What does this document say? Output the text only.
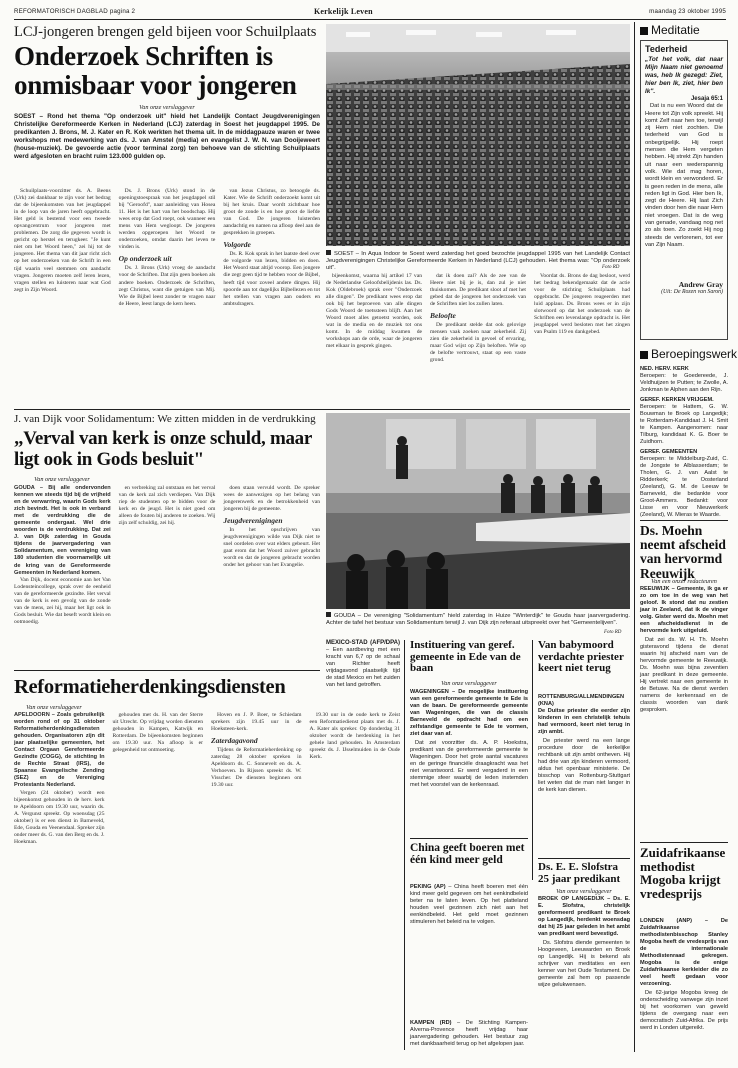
REFORMATORISCH DAGBLAD pagina 2	Kerkelijk Leven	maandag 23 oktober 1995
LCJ-jongeren brengen geld bijeen voor Schuilplaats
Onderzoek Schriften is onmisbaar voor jongeren
Van onze verslaggever
SOEST – Rond het thema "Op onderzoek uit" hield het Landelijk Contact Jeugdverenigingen Christelijke Gereformeerde Kerken in Nederland (LCJ) zaterdag in Soest het jeugdappel 1995. De predikanten J. Brons, M. J. Kater en R. Kok werkten het thema uit. In de middagpauze waren er twee workshops met medewerking van ds. J. van Amstel (media) en evangelist J. W. N. van Dooijeweert (house-muziek). De gevoerde actie (voor terminal zorg) ten behoeve van de stichting Schuilplaats werd afgesloten en bracht ruim 123.000 gulden op.

Schuilplaats-voorzitter ds. A. Beens (Urk) zei dankbaar te zijn voor het bedrag dat de bijeenkomsten van het jeugdappel in de loop van de jaren heeft opgebracht. Het geld is bestemd voor een tweede opvangcentrum voor jongeren met problemen. De zorg die gegeven wordt is gericht op herstel en terugkeer. "Je kunt niet om het Woord heen," zei hij tot de jongeren. Het thema van dit jaar richt zich op het onderzoeken van de Schrift in een tijd waarin veel stemmen om aandacht vragen. Jongeren moeten zelf leren lezen, vragen stellen en luisteren naar wat God zegt in Zijn Woord.

Ds. J. Brons (Urk) stond in de openingstoespraak van het jeugdappel stil bij "Geroofd", naar aanleiding van Hosea 11. Het is het hart van het boodschap. Hij wees erop dat God roept, ook wanneer een mens van Hem wegloopt. De jongeren werden opgeroepen het Woord te onderzoeken, omdat daarin het leven te vinden is.

Op onderzoek uit

Ds. J. Brons (Urk) vroeg de aandacht voor de Schriften. Dat zijn geen boeken als andere boeken. Onderzoek de Schriften, zegt Christus, want die getuigen van Mij. Wie de Bijbel leest zonder te vragen naar de Heere, leest langs de kern heen.

van Jezus Christus, zo betoogde ds. Kater. Wie de Schrift onderzoekt komt uit bij het kruis. Daar wordt zichtbaar hoe groot de zonde is en hoe groot de liefde van God. De jongeren luisterden aandachtig en namen na afloop deel aan de gesprekken in groepen.

Volgorde

Ds. R. Kok sprak in het laatste deel over de volgorde van lezen, bidden en doen. Het Woord staat altijd voorop. Een jongere die zegt geen tijd te hebben voor de Bijbel, heeft tijd voor zoveel andere dingen. Hij spoorde aan tot dagelijks Bijbellezen en tot het stellen van vragen aan ouders en ambtsdragers.

SOEST – In Aqua Indoor te Soest werd zaterdag het goed bezochte jeugdappel 1995 van het Landelijk Contact Jeugdverenigingen Christelijke Gereformeerde Kerken in Nederland (LCJ) gehouden. Het thema was: "Op onderzoek uit".	Foto RD

bijeenkomst, waarna hij artikel 17 van de Nederlandse Geloofsbelijdenis las. Ds. Kok (Oldebroek) sprak over "Onderzoek alle dingen". De predikant wees erop dat ook bij het beproeven van alle dingen Gods Woord de toetssteen blijft. Aan het Woord moet alles getoetst worden, ook wat in de media en de muziek tot ons komt. In de middag kwamen de workshops aan de orde, waar de jongeren met elkaar in gesprek gingen.

dat ik doen zal? Als de zee van de Heere niet bij je is, dan zul je niet thuiskomen. De predikant sloot af met het gebed dat de jongeren het onderzoek van de Schriften niet los zullen laten.

Beloofte

De predikant stelde dat ook gelovige mensen vaak zoeken naar zekerheid. Zij zien die zekerheid in gevoel of ervaring, maar God wijst op Zijn beloften. Wie op de belofte vertrouwt, staat op een vaste grond.

Voordat ds. Brons de dag besloot, werd het bedrag bekendgemaakt dat de actie voor de stichting Schuilplaats had opgebracht. De jongeren reageerden met luid applaus. Ds. Brons wees er in zijn slotwoord op dat het onderzoek van de Schriften een levenslange opdracht is. Het jeugdappel werd besloten met het zingen van Psalm 119 en dankgebed.

Meditatie
Tederheid
„Tot het volk, dat naar Mijn Naam niet genoemd was, heb Ik gezegd: Ziet, hier ben Ik, ziet, hier ben Ik".
Jesaja 65:1
Dat is nu een Woord dat de Heere tot Zijn volk spreekt. Hij komt Zelf naar hen toe, terwijl zij Hem niet zochten. Die tederheid van God is onbegrijpelijk. Hij roept mensen die Hem vergeten hebben. Hij strekt Zijn handen uit naar een wederspannig volk. Wie dat mag horen, wordt klein en verwonderd. Er is geen reden in de mens, alle reden ligt in God. Hier ben Ik, zegt de Heere. Hij laat Zich vinden door hen die naar Hem niet vroegen. Dat is de weg van genade, vandaag nog net zo als toen. Zo zoekt Hij nog steeds de verlorenen, tot eer van Zijn Naam.
Andrew Gray
(Uit: De Rozen van Saron)
Beroepingswerk
NED. HERV. KERK
Beroepen: te Goedereede, J. Veldhuijzen te Putten; te Zwolle, A. Jonkman te Alphen aan den Rijn.
GEREF. KERKEN VRIJGEM.
Beroepen: te Hattem, G. W. Bouwman te Broek op Langedijk; te Rotterdam-Kandidaat J. H. Smit te Kampen. Aangenomen: naar Tilburg, kandidaat K. G. Boer te Zuidhorn.
GEREF. GEMEENTEN
Beroepen: te Middelburg-Zuid, C. de Jongste te Alblasserdam; te Tholen, G. J. van Aalst te Ridderkerk; te Oosterland (Zeeland), G. M. de Leeuw te Barneveld, die bedankte voor Groot-Ammers. Bedankt: voor Lisse en voor Nieuwerkerk (Zeeland), W. Mieras te Waarde.
Ds. Moehn neemt afscheid van hervormd Reeuwijk
Van een onzer redacteuren
REEUWIJK – Gemeente, ik ga er zo om toe in de weg van het geloof. Ik stond dat nu zestien jaar in Zeeland, dat ik de vinger volg. Gister werd ds. Moehn met een afscheidsdienst in de hervormde kerk uitgeluid.
Dat zei ds. W. H. Th. Moehn gisteravond tijdens de dienst waarin hij afscheid nam van de hervormde gemeente te Reeuwijk. Ds. Moehn was bijna zeventien jaar predikant in deze gemeente. Hij vertrekt naar een gemeente in de Betuwe. Na de dienst werden namens de kerkenraad en de classis woorden van dank gesproken.
Zuidafrikaanse methodist Mogoba krijgt vredesprijs
LONDEN (ANP) – De Zuidafrikaanse methodistenbisschop Stanley Mogoba heeft de vredesprijs van de internationale Methodistenraad gekregen. Mogoba is de enige Zuidafrikaanse kerkleider die zo veel heeft gedaan voor verzoening.
De 62-jarige Mogoba kreeg de onderscheiding vanwege zijn inzet bij het voorkomen van geweld tijdens de overgang naar een democratisch Zuid-Afrika. De prijs werd in Londen uitgereikt.
J. van Dijk voor Solidamentum: We zitten midden in de verdrukking
„Verval van kerk is onze schuld, maar ligt ook in Gods besluit"
Van onze verslaggever

GOUDA – Bij alle ondervonden kennen we steeds tijd bij de vrijheid en de verwarring, waarin Gods kerk zich bevindt. Het is ook in verband met de verdrukking die de gemeente ondergaat. Wel drie woorden is de verdrukking. Dat zei J. van Dijk zaterdag in Gouda tijdens de jaarvergadering van Solidamentum, een vereniging van 180 studenten die voornamelijk uit de kring van de Gereformeerde Gemeenten in Nederland komen.

Van Dijk, docent economie aan het Van Lodensteincollege, sprak over de eenheid van de gereformeerde gezindte. Het verval van de kerk is een gevolg van de zonde van de mens, zei hij, maar het ligt ook in Gods besluit. Wie dat beseft wordt klein en ootmoedig.

en verbreking zal ontstaan en het verval van de kerk zal zich verdiepen. Van Dijk riep de studenten op te bidden voor de kerk en de jeugd. Het is niet goed om alleen de fouten bij anderen te zoeken. Wij zijn zelf schuldig, zei hij.

doen staan vervuld wordt. De spreker wees de aanwezigen op het belang van jongerenwerk en de betrokkenheid van jongeren bij de gemeente.

Jeugdverenigingen

In het opschrijven van jeugdverenigingen wilde van Dijk niet te snel oordelen over wat elders gebeurt. Het gaat erom dat het Woord zuiver gebracht wordt en dat de jongeren gebracht worden onder het gehoor van het Evangelie.

GOUDA – De vereniging "Solidamentum" hield zaterdag in Huize "Winterdijk" te Gouda haar jaarvergadering. Achter de tafel het bestuur van Solidamentum terwijl J. van Dijk zijn referaat uitspreekt over het "Gemeentelijven".
Foto RD
MEXICO-STAD (AFP/DPA) – Een aardbeving met een kracht van 6,7 op de schaal van Richter heeft vrijdagavond plaatselijk tijd de stad Mexico en het zuiden van het land getroffen.
Instituering van geref. gemeente in Ede van de baan
Van onze verslaggever
WAGENINGEN – De mogelijke instituering van een gereformeerde gemeente te Ede is van de baan. De gereformeerde gemeente van Wageningen, die van de classis Barneveld de opdracht had om een zelfstandige gemeente te Ede te vormen, ziet daar van af.
Dat zei voorzitter ds. A. P. Hoekstra, predikant van de gereformeerde gemeente te Wageningen. Door het grote aantal vacatures en de geringe financiële draagkracht was het niet verantwoord. Er werd vergaderd in een stemmige sfeer waarbij de leden instemden met het voorstel van de kerkenraad.
Van babymoord verdachte priester keert niet terug
ROTTENBURG/ALLMENDINGEN (KNA)
De Duitse priester die eerder zijn kinderen in een christelijk tehuis had vermoord, keert niet terug in zijn ambt.
De priester werd na een lange procedure door de kerkelijke rechtbank uit zijn ambt ontheven. Hij had drie van zijn kinderen vermoord, aldus het openbaar ministerie. De bisschop van Rottenburg-Stuttgart liet weten dat de man niet langer in de kerk kan dienen.
Reformatieherdenkingsdiensten
Van onze verslaggever

APELDOORN – Zoals gebruikelijk worden rond of op 31 oktober Reformatieherdenkingsdiensten gehouden. Organisatoren zijn dit jaar plaatselijke gemeenten, het Contact Orgaan Gereformeerde Gezindte (COGG), de stichting In de Rechte Straat (IRS), de Spaanse Evangelische Zending (SEZ) en de Vereniging Protestants Nederland.

Vergen (24 oktober) wordt een bijeenkomst gehouden in de herv. kerk te Apeldoorn om 19.30 uur, waarin ds. A. Vergunst spreekt. Op woensdag (25 oktober) is er een dienst in Barneveld, Ede, Gouda en Veenendaal. Spreker zijn onder meer ds. G. van den Berg en ds. J. Hoekman.

gehouden met ds. H. van der Sterre uit Utrecht. Op vrijdag worden diensten gehouden in Kampen, Katwijk en Rotterdam. De bijeenkomsten beginnen om 19.30 uur. Na afloop is er gelegenheid tot ontmoeting.

Hoven en J. P. Boer, te Schiedam sprekers zijn 19.45 uur in de Hoeksteen-kerk.

Zaterdagavond

Tijdens de Reformatieherdenking op zaterdag 28 oktober spreken in Apeldoorn ds. C. Sonnevelt en ds. A. Verhoeven. In Rijssen spreekt ds. W. Visscher. De diensten beginnen om 19.30 uur.

19.30 uur in de oude kerk te Zeist een Reformatiedienst plaats met ds. J. A. Kater als spreker. Op donderdag 31 oktober wordt de herdenking in het gehele land gehouden. In Amsterdam spreekt ds. J. IJsselmuiden in de Oude Kerk.

China geeft boeren met één kind meer geld
PEKING (AP) – China heeft boeren met één kind meer geld gegeven om het eenkindbeleid beter na te laten leven. Op het platteland houden veel gezinnen zich niet aan het eenkindbeleid. Het geld moet gezinnen stimuleren het beleid na te volgen.
Ds. E. E. Slofstra 25 jaar predikant
Van onze verslaggever
BROEK OP LANGEDIJK – Ds. E. E. Slofstra, christelijk gereformeerd predikant te Broek op Langedijk, herdenkt woensdag dat hij 25 jaar geleden in het ambt van predikant werd bevestigd.
Ds. Slofstra diende gemeenten te Hoogeveen, Leeuwarden en Broek op Langedijk. Hij is bekend als schrijver van meditaties en een kenner van het Oude Testament. De gemeente zal hem op passende wijze gelukwensen.
KAMPEN (RD) – De Stichting Kampen-Alverna-Provence heeft vrijdag haar jaarvergadering gehouden. Het bestuur zag met dankbaarheid terug op het afgelopen jaar.
